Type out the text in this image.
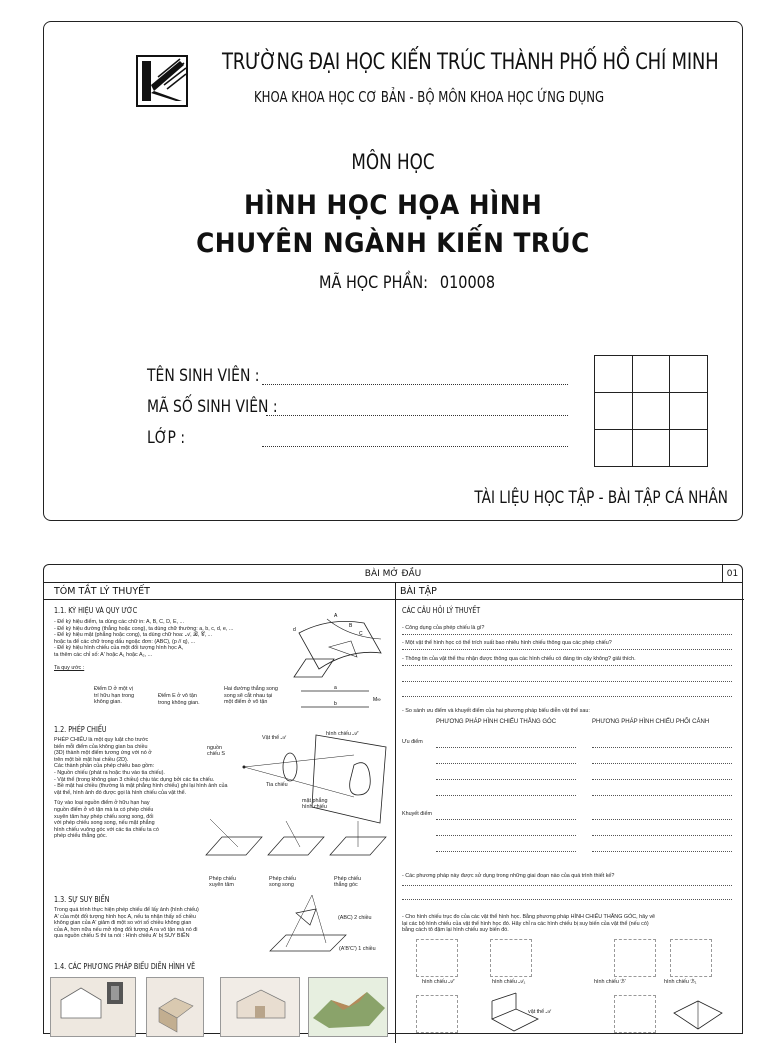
TRƯỜNG ĐẠI HỌC KIẾN TRÚC THÀNH PHỐ HỒ CHÍ MINH
KHOA KHOA HỌC CƠ BẢN - BỘ MÔN KHOA HỌC ỨNG DỤNG
MÔN HỌC
HÌNH HỌC HỌA HÌNH
CHUYÊN NGÀNH KIẾN TRÚC
MÃ HỌC PHẦN: 010008
TÊN SINH VIÊN :
MÃ SỐ SINH VIÊN :
LỚP :

TÀI LIỆU HỌC TẬP - BÀI TẬP CÁ NHÂN
BÀI MỞ ĐẦU	01
TÓM TẮT LÝ THUYẾT	BÀI TẬP
1.1. KÝ HIỆU VÀ QUY ƯỚC
- Để ký hiệu điểm, ta dùng các chữ in: A, B, C, D, E, ...
- Để ký hiệu đường (thẳng hoặc cong), ta dùng chữ thường: a, b, c, d, e, ...
- Để ký hiệu mặt (phẳng hoặc cong), ta dùng chữ hoa: 𝒜, ℬ, 𝒞, ...
hoặc ta để các chữ trong dấu ngoặc đơn: (ABC), (p // q), ...
- Để ký hiệu hình chiếu của một đối tượng hình học A,
ta thêm các chỉ số: A' hoặc A₁ hoặc A₂, ...
A
B
C
d
Ta quy ước :
Điểm D ở một vị
trí hữu hạn trong
không gian.
Điểm E ở vô tận
trong không gian.
Hai đường thẳng song
song sẽ cắt nhau tại
một điểm ở vô tận
a
b
M∞
1.2. PHÉP CHIẾU
PHÉP CHIẾU là một quy luật cho trước
biến mỗi điểm của không gian ba chiều
(3D) thành một điểm tương ứng với nó ở
trên một bề mặt hai chiều (2D).
Các thành phần của phép chiếu bao gồm:
- Nguồn chiếu (phát ra hoặc thu vào tia chiếu).
- Vật thể (trong không gian 3 chiều) chịu tác dụng bởi các tia chiếu.
- Bề mặt hai chiều (thường là mặt phẳng hình chiếu) ghi lại hình ảnh của
vật thể, hình ảnh đó được gọi là hình chiếu của vật thể.
Tùy vào loại nguồn điểm ở hữu hạn hay
nguồn điểm ở vô tận mà ta có phép chiếu
xuyên tâm hay phép chiếu song song, đối
với phép chiếu song song, nếu mặt phẳng
hình chiếu vuông góc với các tia chiếu ta có
phép chiếu thẳng góc.
nguồn
chiếu S
Vật thể 𝒜
hình chiếu 𝒜'
Tia chiếu
mặt phẳng
hình chiếu
Phép chiếu
xuyên tâm
Phép chiếu
song song
Phép chiếu
thẳng góc
1.3. SỰ SUY BIẾN
Trong quá trình thực hiện phép chiếu để lấy ảnh (hình chiếu)
A' của một đối tượng hình học A, nếu ta nhận thấy số chiều
không gian của A' giảm đi một so với số chiều không gian
của A, hơn nữa nếu mở rộng đối tượng A ra vô tận mà nó đi
qua nguồn chiếu S thì ta nói : Hình chiếu A' bị SUY BIẾN
(ABC) 2 chiều
(A'B'C') 1 chiều
1.4. CÁC PHƯƠNG PHÁP BIỂU DIỄN HÌNH VẼ
CÁC CÂU HỎI LÝ THUYẾT
- Công dụng của phép chiếu là gì?
- Một vật thể hình học có thể trích xuất bao nhiêu hình chiếu thông qua các phép chiếu?
- Thông tin của vật thể thu nhận được thông qua các hình chiếu có đáng tin cậy không? giải thích.
- So sánh ưu điểm và khuyết điểm của hai phương pháp biểu diễn vật thể sau:
PHƯƠNG PHÁP HÌNH CHIẾU THẲNG GÓC	PHƯƠNG PHÁP HÌNH CHIẾU PHỐI CẢNH
Ưu điểm
Khuyết điểm
- Các phương pháp này được sử dụng trong những giai đoạn nào của quá trình thiết kế?
- Cho hình chiếu trục đo của các vật thể hình học. Bằng phương pháp HÌNH CHIẾU THẲNG GÓC, hãy vẽ
lại các bộ hình chiếu của vật thể hình học đó. Hãy chỉ ra các hình chiếu bị suy biến của vật thể (nếu có)
bằng cách tô đậm lại hình chiếu suy biến đó.
hình chiếu 𝒜'	hình chiếu 𝒜₁	hình chiếu ℬ'	hình chiếu ℬ₁
vật thể 𝒜
